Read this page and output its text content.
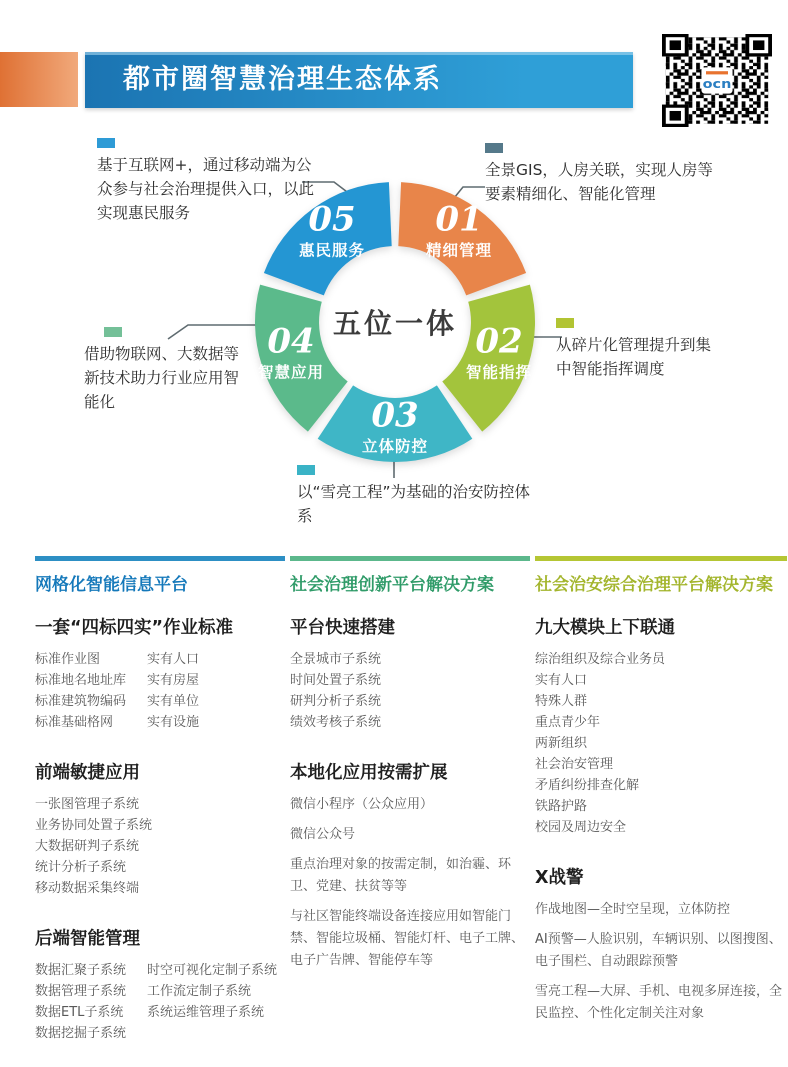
都市圈智慧治理生态体系	ocn
01
精细管理
02
智能指挥
03
立体防控
04
智慧应用
05
惠民服务
五位一体
基于互联网+，通过移动端为公众参与社会治理提供入口，以此实现惠民服务
全景GIS，人房关联，实现人房等要素精细化、智能化管理
从碎片化管理提升到集中智能指挥调度
借助物联网、大数据等新技术助力行业应用智能化
以“雪亮工程”为基础的治安防控体系
网格化智能信息平台
一套“四标四实”作业标准
标准作业图	实有人口
标准地名地址库	实有房屋
标准建筑物编码	实有单位
标准基础格网	实有设施
前端敏捷应用
一张图管理子系统
业务协同处置子系统
大数据研判子系统
统计分析子系统
移动数据采集终端
后端智能管理
数据汇聚子系统	时空可视化定制子系统
数据管理子系统	工作流定制子系统
数据ETL子系统	系统运维管理子系统
数据挖掘子系统
社会治理创新平台解决方案
平台快速搭建
全景城市子系统
时间处置子系统
研判分析子系统
绩效考核子系统
本地化应用按需扩展

微信小程序（公众应用）

微信公众号

重点治理对象的按需定制，如治霾、环卫、党建、扶贫等等

与社区智能终端设备连接应用如智能门禁、智能垃圾桶、智能灯杆、电子工牌、电子广告牌、智能停车等

社会治安综合治理平台解决方案
九大模块上下联通
综治组织及综合业务员
实有人口
特殊人群
重点青少年
两新组织
社会治安管理
矛盾纠纷排查化解
铁路护路
校园及周边安全
X战警

作战地图—全时空呈现，立体防控

AI预警—人脸识别，车辆识别、以图搜图、电子围栏、自动跟踪预警

雪亮工程—大屏、手机、电视多屏连接，全民监控、个性化定制关注对象
